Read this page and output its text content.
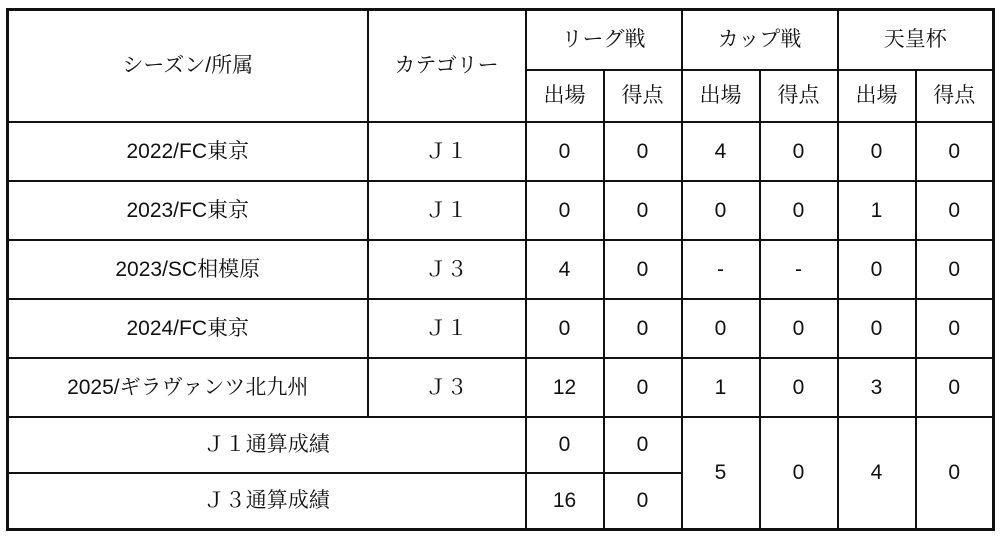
シーズン/所属	カテゴリー	リーグ戦		カップ戦		天皇杯	
		出場	得点	出場	得点	出場	得点
2022/FC東京	Ｊ１	0	0	4	0	0	0
2023/FC東京	Ｊ１	0	0	0	0	1	0
2023/SC相模原	Ｊ３	4	0	-	-	0	0
2024/FC東京	Ｊ１	0	0	0	0	0	0
2025/ギラヴァンツ北九州	Ｊ３	12	0	1	0	3	0
Ｊ１通算成績		0	0	5	0	4	0
Ｊ３通算成績		16	0				
